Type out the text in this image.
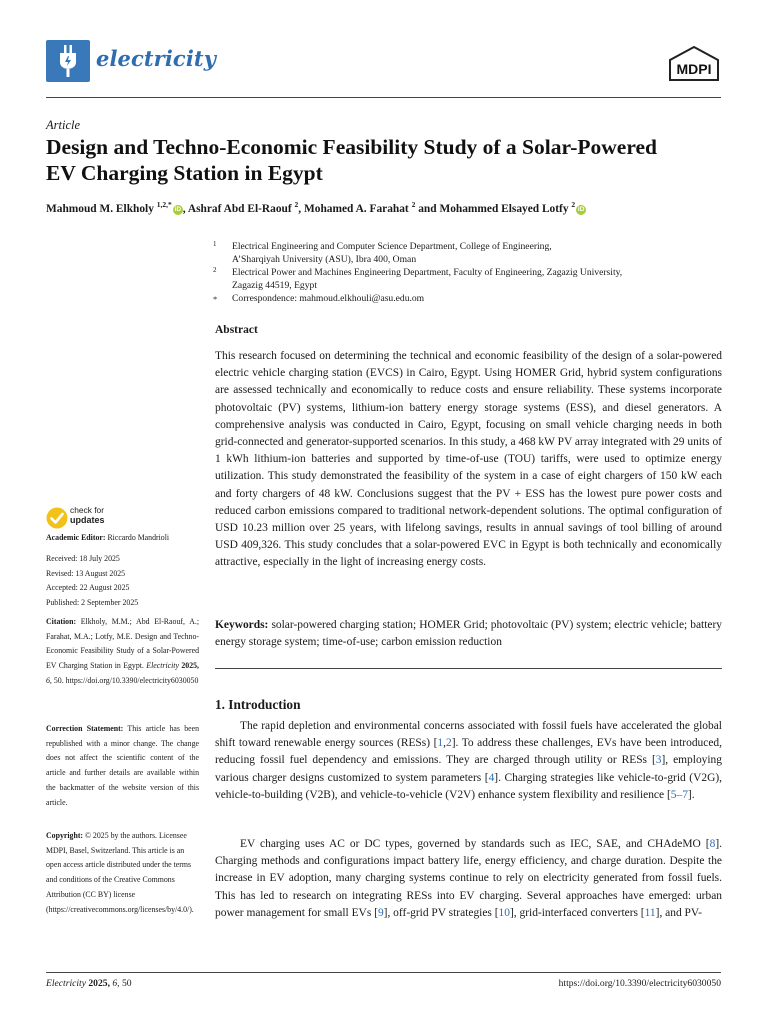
electricity	MDPI
Article
Design and Techno-Economic Feasibility Study of a Solar-Powered EV Charging Station in Egypt
Mahmoud M. Elkholy $^{1,2,*}$iD , Ashraf Abd El-Raouf $^2$, Mohamed A. Farahat $^2$ and Mohammed Elsayed Lotfy $^2$iD
1 Electrical Engineering and Computer Science Department, College of Engineering,
A’Sharqiyah University (ASU), Ibra 400, Oman
2 Electrical Power and Machines Engineering Department, Faculty of Engineering, Zagazig University,
Zagazig 44519, Egypt
* Correspondence: mahmoud.elkhouli@asu.edu.om
Abstract

This research focused on determining the technical and economic feasibility of the design of a solar-powered electric vehicle charging station (EVCS) in Cairo, Egypt. Using HOMER Grid, hybrid system configurations are assessed technically and economically to reduce costs and ensure reliability. These systems incorporate photovoltaic (PV) systems, lithium-ion battery energy storage systems (ESS), and diesel generators. A comprehensive analysis was conducted in Cairo, Egypt, focusing on small vehicle charging needs in both grid-connected and generator-supported scenarios. In this study, a 468 kW PV array integrated with 29 units of 1 kWh lithium-ion batteries and supported by time-of-use (TOU) tariffs, were used to optimize energy utilization. This study demonstrated the feasibility of the system in a case of eight chargers of 150 kW each and forty chargers of 48 kW. Conclusions suggest that the PV + ESS has the lowest pure power costs and reduced carbon emissions compared to traditional network-dependent solutions. The optimal configuration of USD 10.23 million over 25 years, with lifelong savings, results in annual savings of tool billing of around USD 409,326. This study concludes that a solar-powered EVC in Egypt is both technically and economically attractive, especially in the light of increasing energy costs.

Keywords: solar-powered charging station; HOMER Grid; photovoltaic (PV) system; electric vehicle; battery energy storage system; time-of-use; carbon emission reduction

1. Introduction

The rapid depletion and environmental concerns associated with fossil fuels have accelerated the global shift toward renewable energy sources (RESs) [1,2]. To address these challenges, EVs have been introduced, reducing fossil fuel dependency and emissions. They are charged through utility or RESs [3], employing various charger designs customized to system parameters [4]. Charging strategies like vehicle-to-grid (V2G), vehicle-to-building (V2B), and vehicle-to-vehicle (V2V) enhance system flexibility and resilience [5–7].

EV charging uses AC or DC types, governed by standards such as IEC, SAE, and CHAdeMO [8]. Charging methods and configurations impact battery life, energy efficiency, and charge duration. Despite the increase in EV adoption, many charging systems continue to rely on electricity generated from fossil fuels. This has led to research on integrating RESs into EV charging. Several approaches have emerged: urban power management for small EVs [9], off-grid PV strategies [10], grid-interfaced converters [11], and PV-

check for
updates
Academic Editor: Riccardo Mandrioli
Received: 18 July 2025
Revised: 13 August 2025
Accepted: 22 August 2025
Published: 2 September 2025
Citation: Elkholy, M.M.; Abd El-Raouf, A.; Farahat, M.A.; Lotfy, M.E. Design and Techno-Economic Feasibility Study of a Solar-Powered EV Charging Station in Egypt. Electricity 2025, 6, 50. https://doi.org/10.3390/electricity6030050
Correction Statement: This article has been republished with a minor change. The change does not affect the scientific content of the article and further details are available within the backmatter of the website version of this article.
Copyright: © 2025 by the authors. Licensee MDPI, Basel, Switzerland. This article is an open access article distributed under the terms and conditions of the Creative Commons Attribution (CC BY) license (https://creativecommons.org/licenses/by/4.0/).
Electricity 2025, 6, 50	https://doi.org/10.3390/electricity6030050
